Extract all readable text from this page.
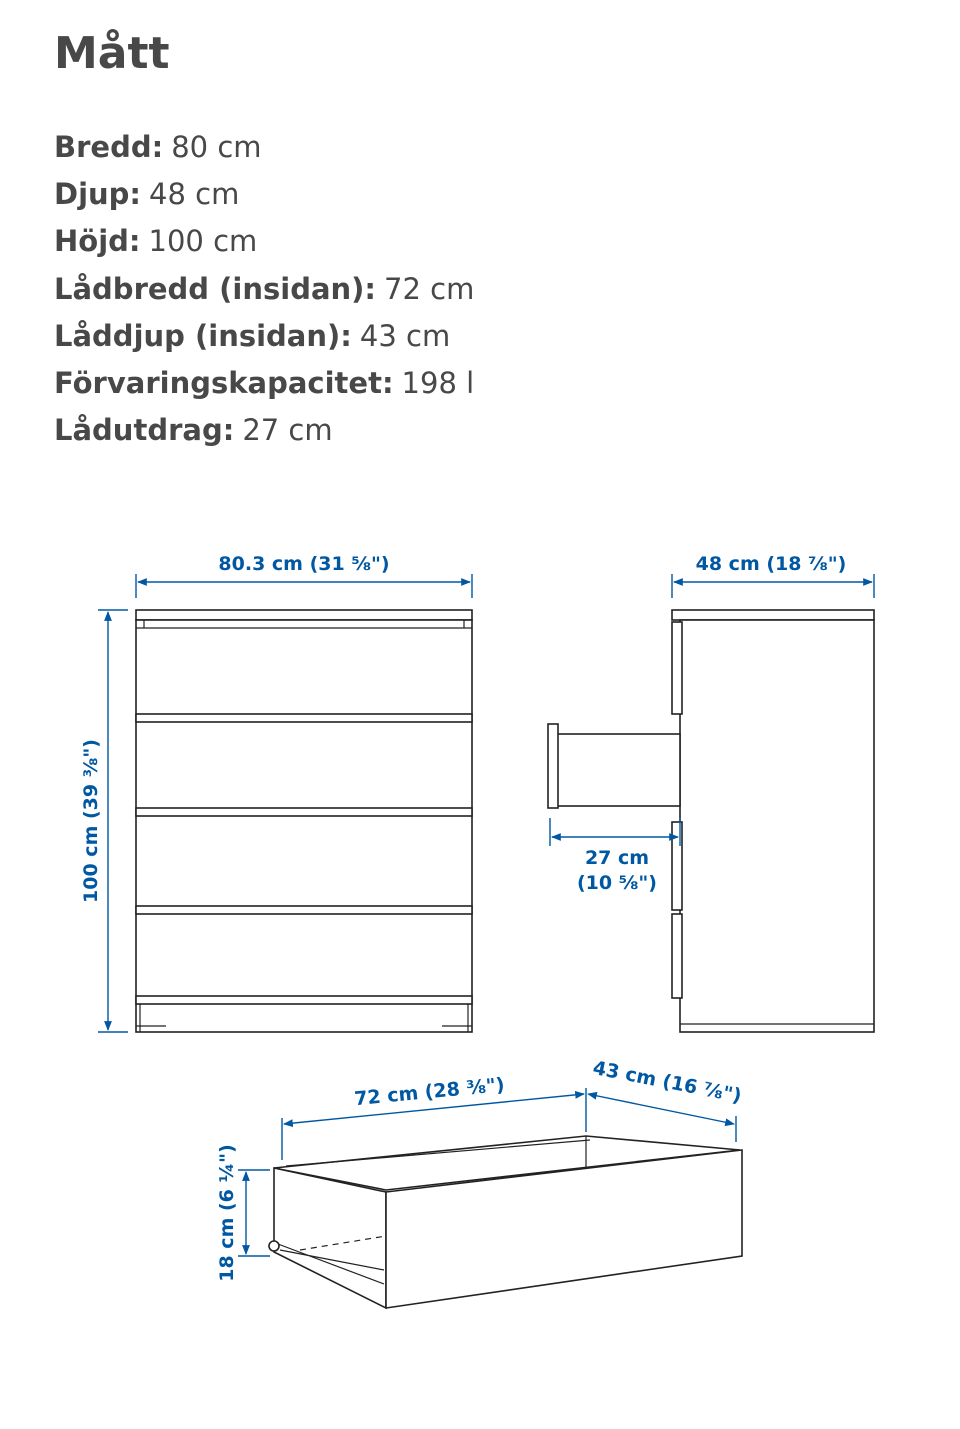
Mått
Bredd: 80 cm
Djup: 48 cm
Höjd: 100 cm
Lådbredd (insidan): 72 cm
Låddjup (insidan): 43 cm
Förvaringskapacitet: 198 l
Lådutdrag: 27 cm
80.3 cm (31 ⅝")
100 cm (39 ⅜")
48 cm (18 ⅞")
27 cm
(10 ⅝")
72 cm (28 ⅜")	43 cm (16 ⅞")
18 cm (6 ¼")
